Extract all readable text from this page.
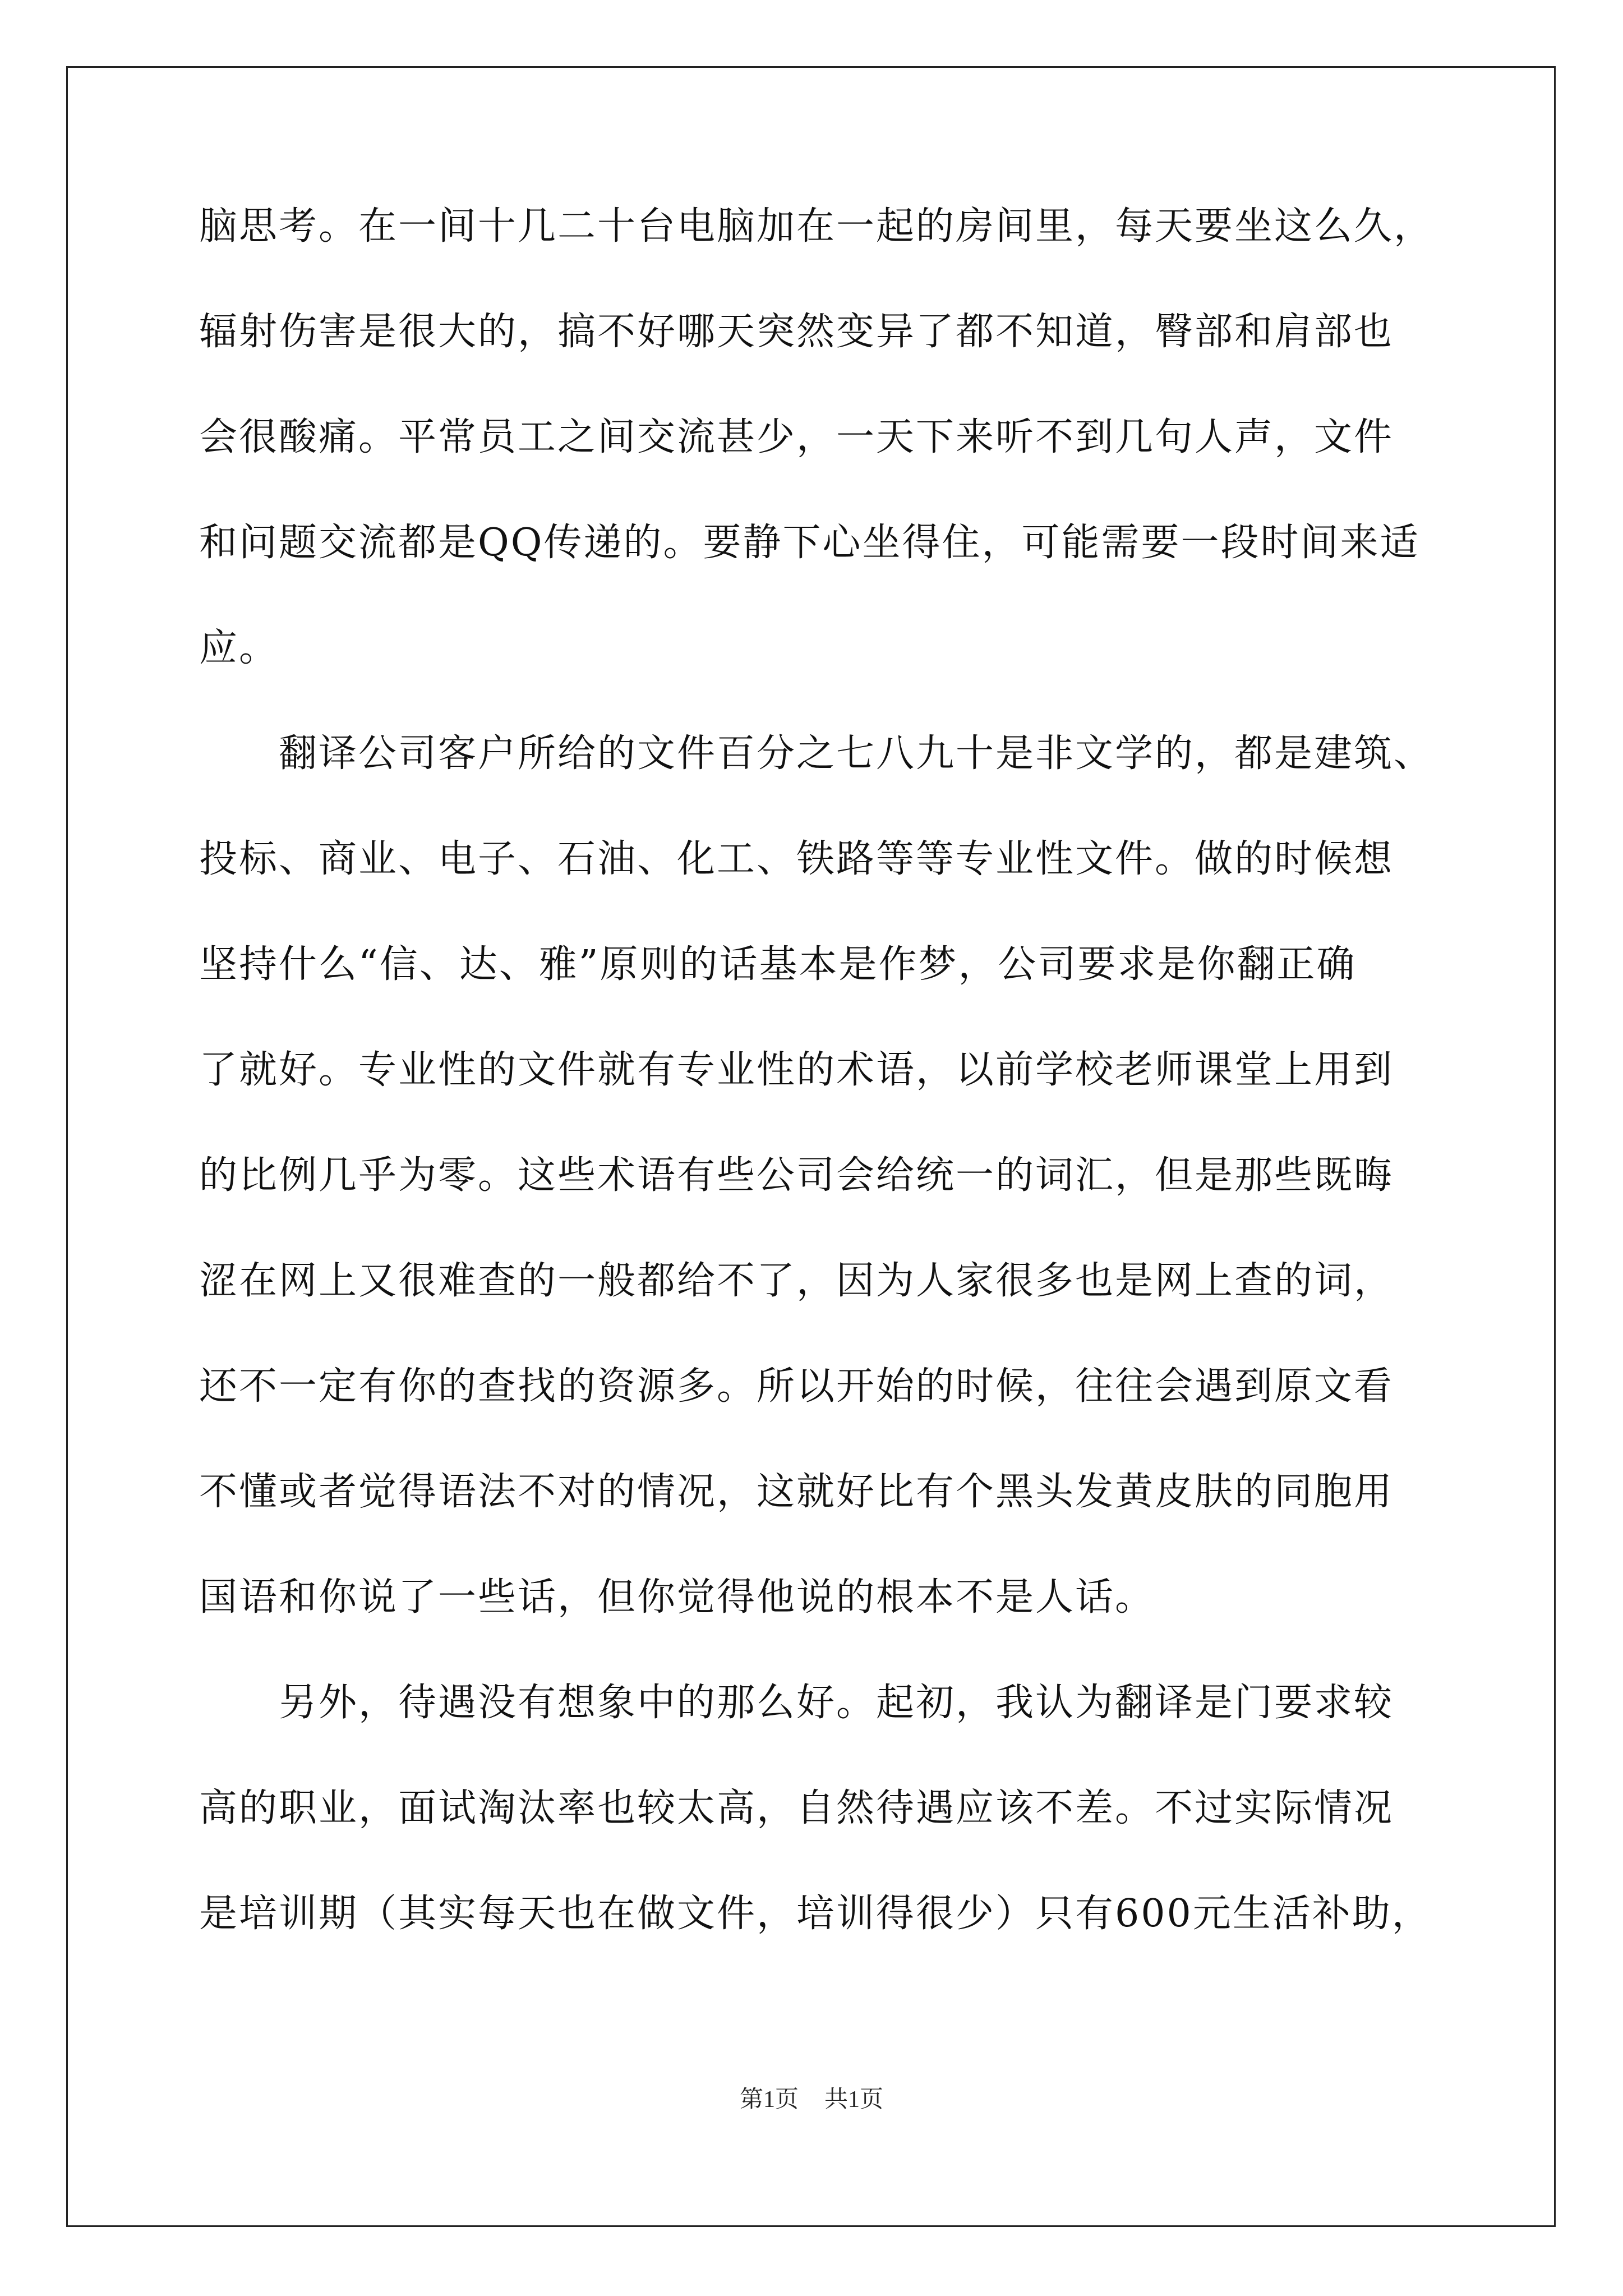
脑思考。在一间十几二十台电脑加在一起的房间里，每天要坐这么久，
辐射伤害是很大的，搞不好哪天突然变异了都不知道，臀部和肩部也
会很酸痛。平常员工之间交流甚少，一天下来听不到几句人声，文件
和问题交流都是QQ传递的。要静下心坐得住，可能需要一段时间来适
应。
　　翻译公司客户所给的文件百分之七八九十是非文学的，都是建筑、
投标、商业、电子、石油、化工、铁路等等专业性文件。做的时候想
坚持什么“信、达、雅”原则的话基本是作梦，公司要求是你翻正确
了就好。专业性的文件就有专业性的术语，以前学校老师课堂上用到
的比例几乎为零。这些术语有些公司会给统一的词汇，但是那些既晦
涩在网上又很难查的一般都给不了，因为人家很多也是网上查的词，
还不一定有你的查找的资源多。所以开始的时候，往往会遇到原文看
不懂或者觉得语法不对的情况，这就好比有个黑头发黄皮肤的同胞用
国语和你说了一些话，但你觉得他说的根本不是人话。
　　另外，待遇没有想象中的那么好。起初，我认为翻译是门要求较
高的职业，面试淘汰率也较太高，自然待遇应该不差。不过实际情况
是培训期（其实每天也在做文件，培训得很少）只有600元生活补助，
第1页 共1页
